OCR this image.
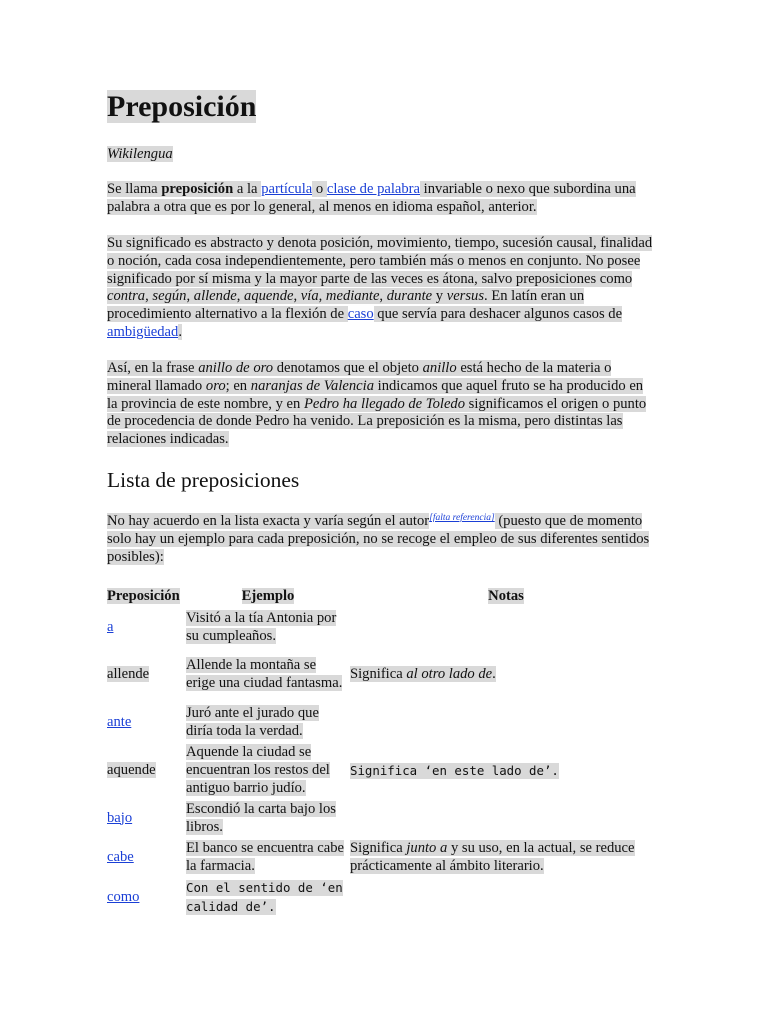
Preposición

Wikilengua

Se llama preposición a la partícula o clase de palabra invariable o nexo que subordina una palabra a otra que es por lo general, al menos en idioma español, anterior.

Su significado es abstracto y denota posición, movimiento, tiempo, sucesión causal, finalidad o noción, cada cosa independientemente, pero también más o menos en conjunto. No posee significado por sí misma y la mayor parte de las veces es átona, salvo preposiciones como contra, según, allende, aquende, vía, mediante, durante y versus. En latín eran un procedimiento alternativo a la flexión de caso que servía para deshacer algunos casos de ambigüedad.

Así, en la frase anillo de oro denotamos que el objeto anillo está hecho de la materia o mineral llamado oro; en naranjas de Valencia indicamos que aquel fruto se ha producido en la provincia de este nombre, y en Pedro ha llegado de Toledo significamos el origen o punto de procedencia de donde Pedro ha venido. La preposición es la misma, pero distintas las relaciones indicadas.

Lista de preposiciones

No hay acuerdo en la lista exacta y varía según el autor[falta referencia] (puesto que de momento solo hay un ejemplo para cada preposición, no se recoge el empleo de sus diferentes sentidos posibles):

Preposición	Ejemplo	Notas
a	Visitó a la tía Antonia por su cumpleaños.	

allende	Allende la montaña se erige una ciudad fantasma.	Significa al otro lado de.
ante	Juró ante el jurado que diría toda la verdad.	

aquende	Aquende la ciudad se encuentran los restos del antiguo barrio judío.	Significa ‘en este lado de’.
bajo	Escondió la carta bajo los libros.	

cabe	El banco se encuentra cabe la farmacia.	Significa junto a y su uso, en la actual, se reduce prácticamente al ámbito literario.
como	Con el sentido de ‘en calidad de’.	
